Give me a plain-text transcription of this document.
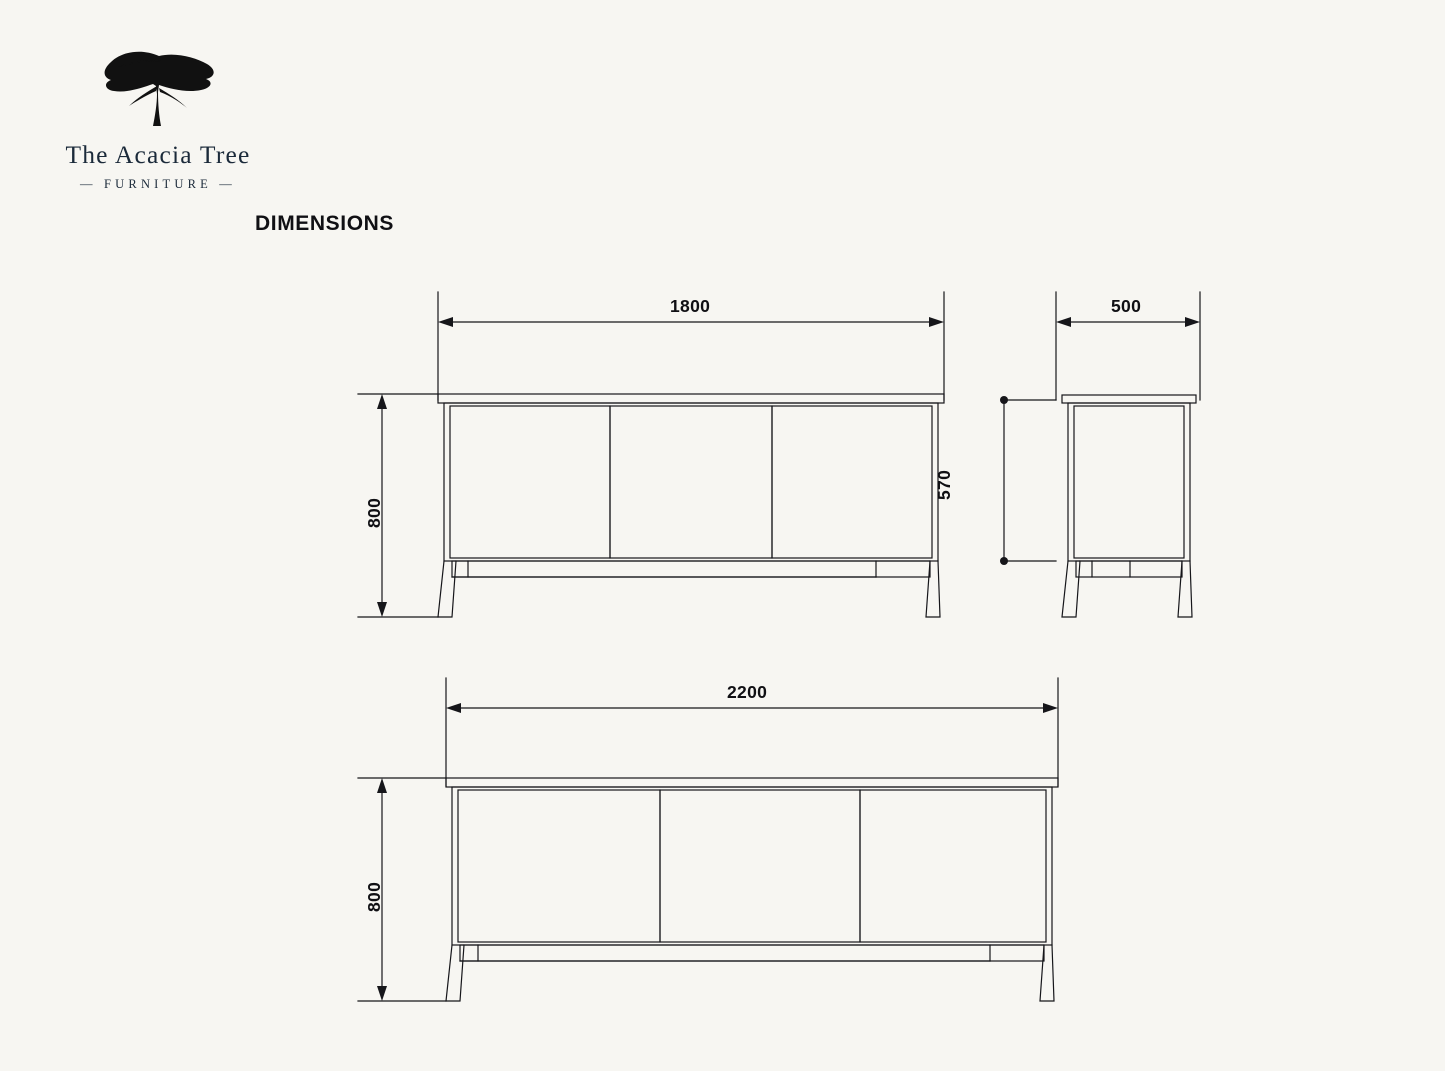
The Acacia Tree
— FURNITURE —
DIMENSIONS
1800	500
800
570
2200
800
